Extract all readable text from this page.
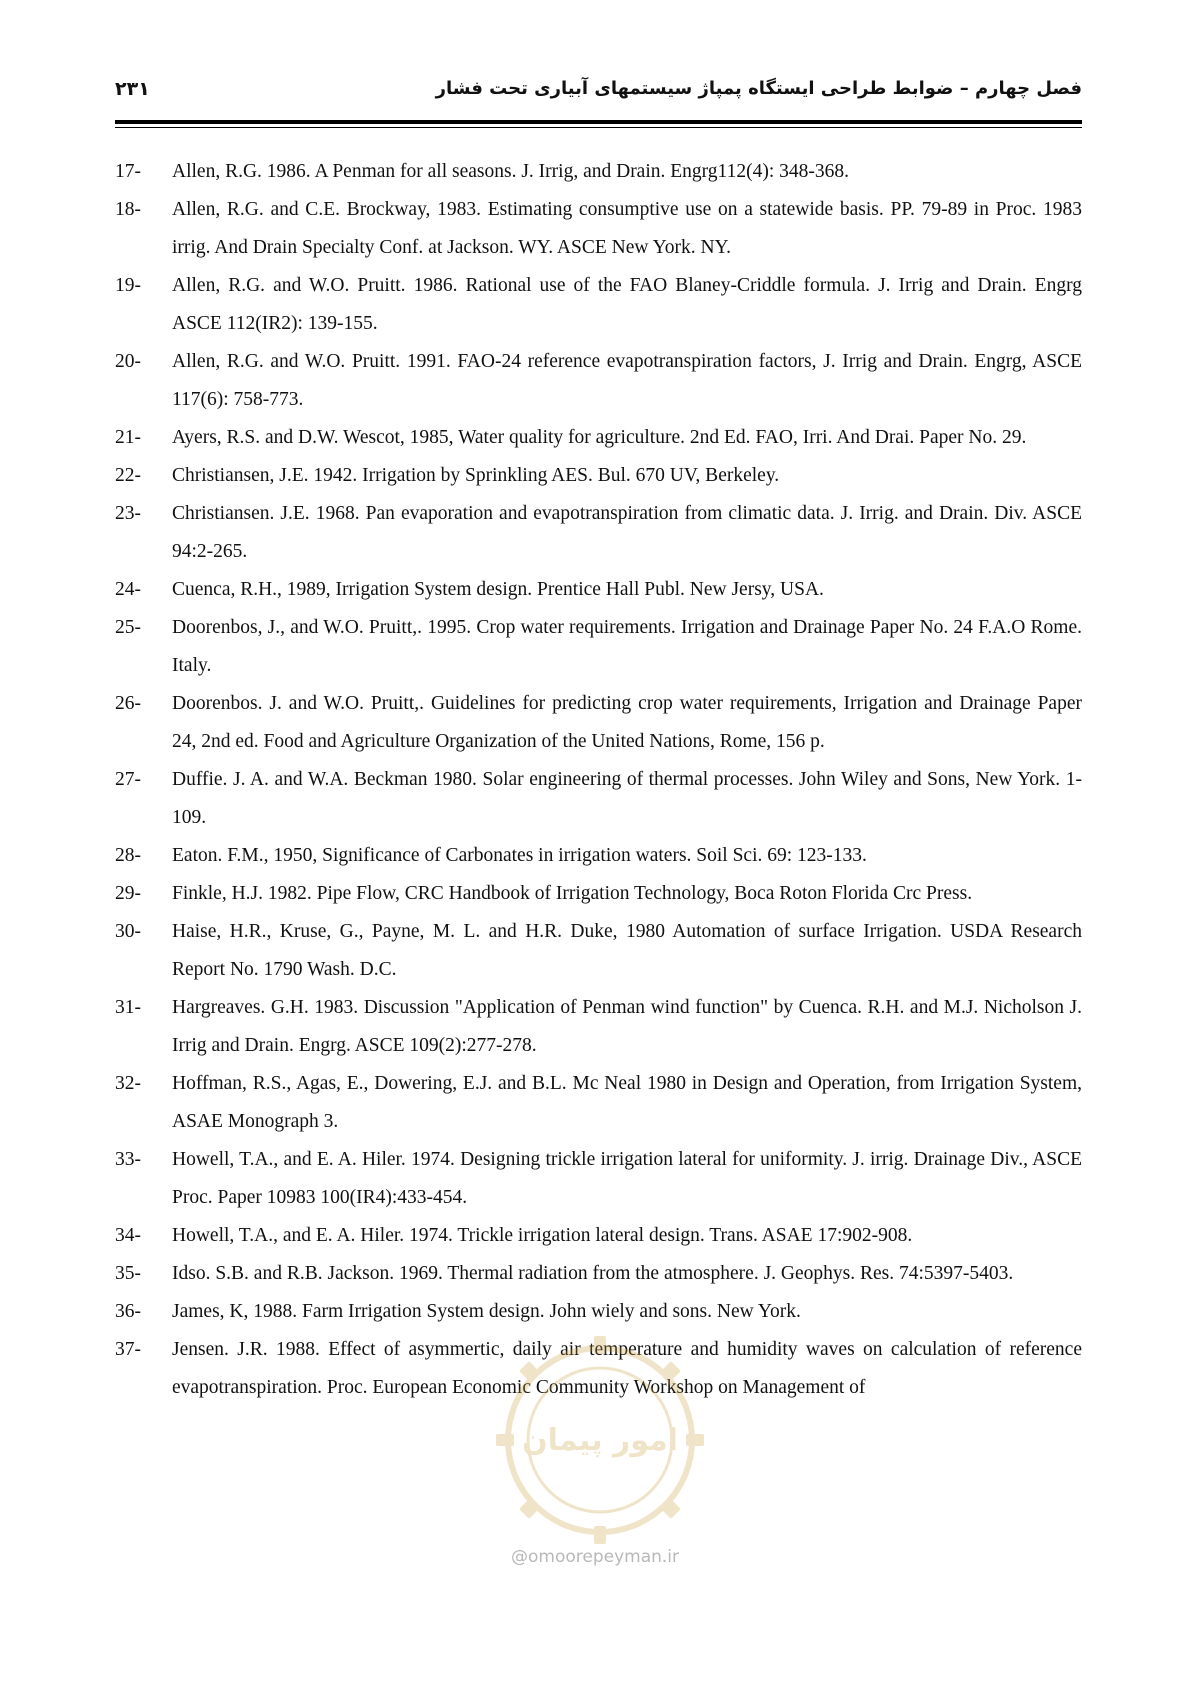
۲۳۱	فصل چهارم – ضوابط طراحی ایستگاه پمپاژ سیستمهای آبیاری تحت فشار
17-	Allen, R.G. 1986. A Penman for all seasons. J. Irrig, and Drain. Engrg112(4): 348-368.
18-	Allen, R.G. and C.E. Brockway, 1983. Estimating consumptive use on a statewide basis. PP. 79-89 in Proc. 1983 irrig. And Drain Specialty Conf. at Jackson. WY. ASCE New York. NY.
19-	Allen, R.G. and W.O. Pruitt. 1986. Rational use of the FAO Blaney-Criddle formula. J. Irrig and Drain. Engrg ASCE 112(IR2): 139-155.
20-	Allen, R.G. and W.O. Pruitt. 1991. FAO-24 reference evapotranspiration factors, J. Irrig and Drain. Engrg, ASCE 117(6): 758-773.
21-	Ayers, R.S. and D.W. Wescot, 1985, Water quality for agriculture. 2nd Ed. FAO, Irri. And Drai. Paper No. 29.
22-	Christiansen, J.E. 1942. Irrigation by Sprinkling AES. Bul. 670 UV, Berkeley.
23-	Christiansen. J.E. 1968. Pan evaporation and evapotranspiration from climatic data. J. Irrig. and Drain. Div. ASCE 94:2-265.
24-	Cuenca, R.H., 1989, Irrigation System design. Prentice Hall Publ. New Jersy, USA.
25-	Doorenbos, J., and W.O. Pruitt,. 1995. Crop water requirements. Irrigation and Drainage Paper No. 24 F.A.O Rome. Italy.
26-	Doorenbos. J. and W.O. Pruitt,. Guidelines for predicting crop water requirements, Irrigation and Drainage Paper 24, 2nd ed. Food and Agriculture Organization of the United Nations, Rome, 156 p.
27-	Duffie. J. A. and W.A. Beckman 1980. Solar engineering of thermal processes. John Wiley and Sons, New York. 1-109.
28-	Eaton. F.M., 1950, Significance of Carbonates in irrigation waters. Soil Sci. 69: 123-133.
29-	Finkle, H.J. 1982. Pipe Flow, CRC Handbook of Irrigation Technology, Boca Roton Florida Crc Press.
30-	Haise, H.R., Kruse, G., Payne, M. L. and H.R. Duke, 1980 Automation of surface Irrigation. USDA Research Report No. 1790 Wash. D.C.
31-	Hargreaves. G.H. 1983. Discussion "Application of Penman wind function" by Cuenca. R.H. and M.J. Nicholson J. Irrig and Drain. Engrg. ASCE 109(2):277-278.
32-	Hoffman, R.S., Agas, E., Dowering, E.J. and B.L. Mc Neal 1980 in Design and Operation, from Irrigation System, ASAE Monograph 3.
33-	Howell, T.A., and E. A. Hiler. 1974. Designing trickle irrigation lateral for uniformity. J. irrig. Drainage Div., ASCE Proc. Paper 10983 100(IR4):433-454.
34-	Howell, T.A., and E. A. Hiler. 1974. Trickle irrigation lateral design. Trans. ASAE 17:902-908.
35-	Idso. S.B. and R.B. Jackson. 1969. Thermal radiation from the atmosphere. J. Geophys. Res. 74:5397-5403.
36-	James, K, 1988. Farm Irrigation System design. John wiely and sons. New York.
37-	Jensen. J.R. 1988. Effect of asymmertic, daily air temperature and humidity waves on calculation of reference evapotranspiration. Proc. European Economic Community Workshop on Management of
امور پیمان
@omoorepeyman.ir
